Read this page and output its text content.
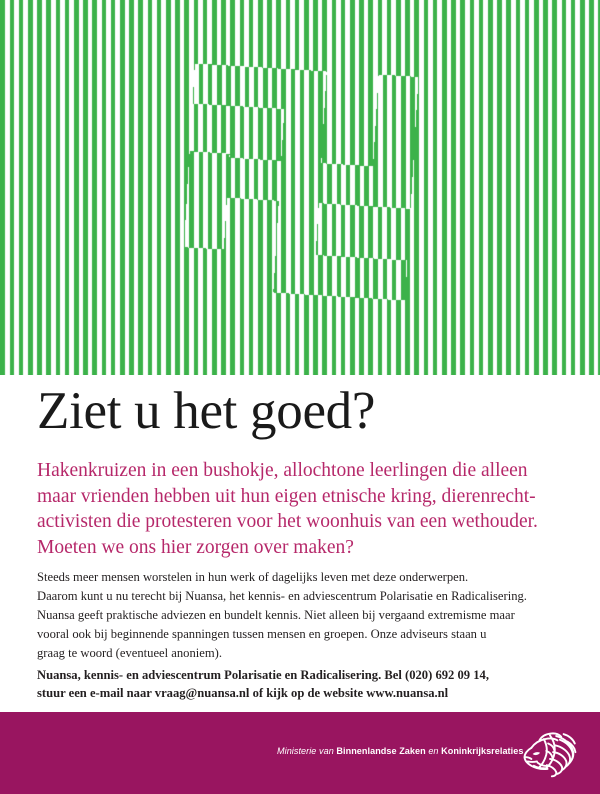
Ziet u het goed?
Hakenkruizen in een bushokje, allochtone leerlingen die alleen
maar vrienden hebben uit hun eigen etnische kring, dierenrecht-
activisten die protesteren voor het woonhuis van een wethouder.
Moeten we ons hier zorgen over maken?
Steeds meer mensen worstelen in hun werk of dagelijks leven met deze onderwerpen.
Daarom kunt u nu terecht bij Nuansa, het kennis- en adviescentrum Polarisatie en Radicalisering.
Nuansa geeft praktische adviezen en bundelt kennis. Niet alleen bij vergaand extremisme maar
vooral ook bij beginnende spanningen tussen mensen en groepen. Onze adviseurs staan u
graag te woord (eventueel anoniem).
Nuansa, kennis- en adviescentrum Polarisatie en Radicalisering. Bel (020) 692 09 14,
stuur een e-mail naar vraag@nuansa.nl of kijk op de website www.nuansa.nl

Ministerie van Binnenlandse Zaken en Koninkrijksrelaties
